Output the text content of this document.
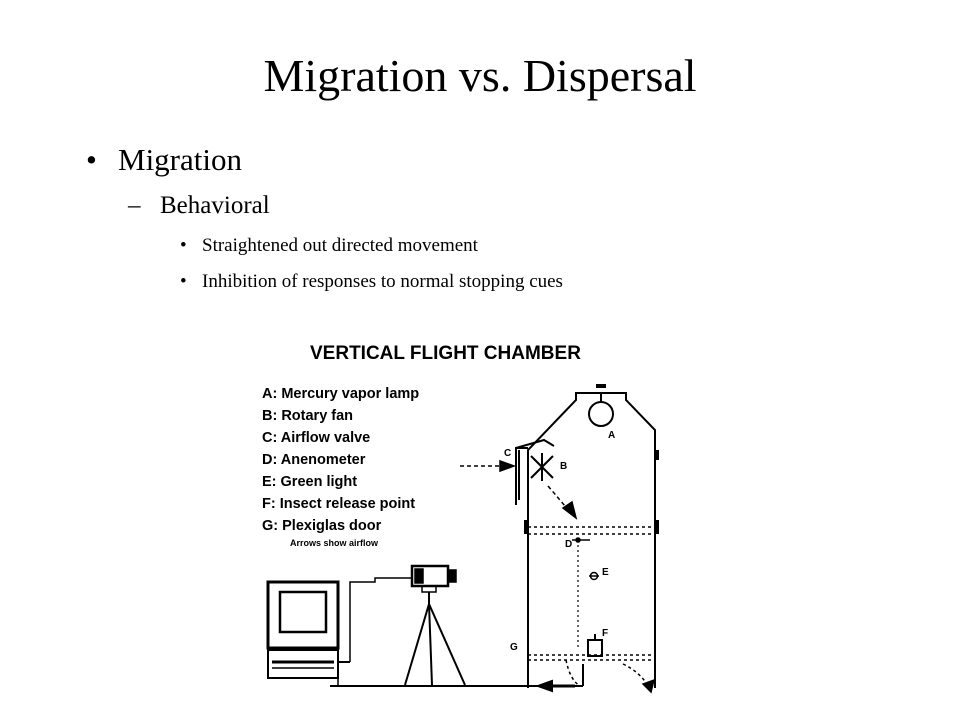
Migration vs. Dispersal
• Migration
– Behavioral
• Straightened out directed movement
• Inhibition of responses to normal stopping cues
VERTICAL FLIGHT CHAMBER
A: Mercury vapor lamp
B: Rotary fan
C: Airflow valve
D: Anenometer
E: Green light
F: Insect release point
G: Plexiglas door
Arrows show airflow
A
B
C
D
E
F
G
